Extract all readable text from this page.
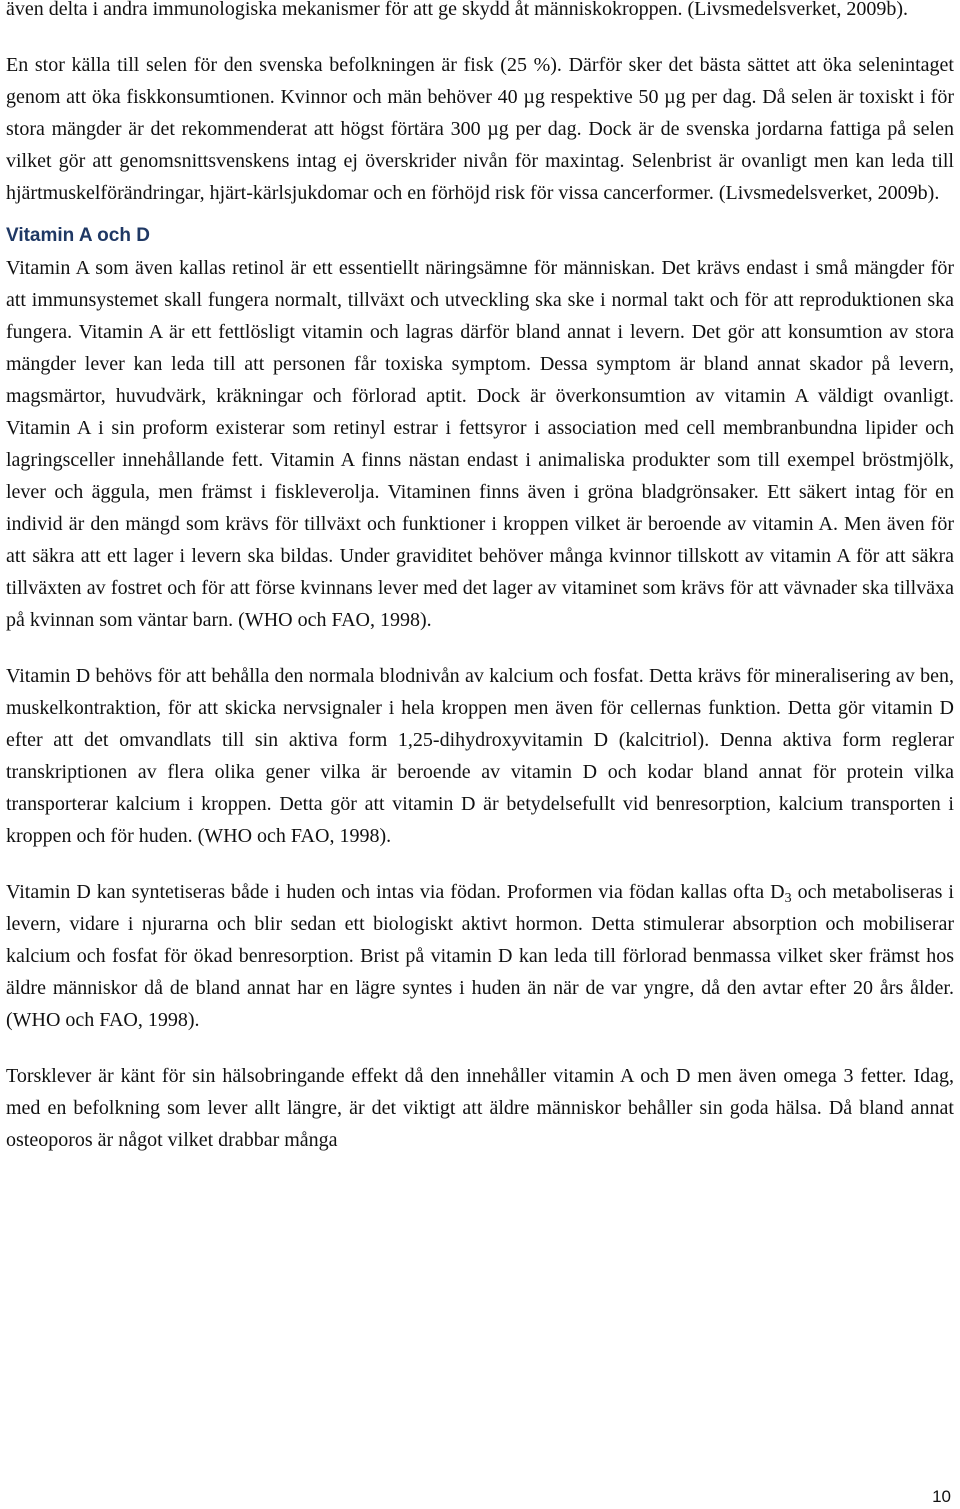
även delta i andra immunologiska mekanismer för att ge skydd åt människokroppen. (Livsmedelsverket, 2009b).

En stor källa till selen för den svenska befolkningen är fisk (25 %). Därför sker det bästa sättet att öka selenintaget genom att öka fiskkonsumtionen. Kvinnor och män behöver 40 µg respektive 50 µg per dag. Då selen är toxiskt i för stora mängder är det rekommenderat att högst förtära 300 µg per dag. Dock är de svenska jordarna fattiga på selen vilket gör att genomsnittsvenskens intag ej överskrider nivån för maxintag. Selenbrist är ovanligt men kan leda till hjärtmuskelförändringar, hjärt-kärlsjukdomar och en förhöjd risk för vissa cancerformer. (Livsmedelsverket, 2009b).

Vitamin A och D

Vitamin A som även kallas retinol är ett essentiellt näringsämne för människan. Det krävs endast i små mängder för att immunsystemet skall fungera normalt, tillväxt och utveckling ska ske i normal takt och för att reproduktionen ska fungera. Vitamin A är ett fettlösligt vitamin och lagras därför bland annat i levern. Det gör att konsumtion av stora mängder lever kan leda till att personen får toxiska symptom. Dessa symptom är bland annat skador på levern, magsmärtor, huvudvärk, kräkningar och förlorad aptit. Dock är överkonsumtion av vitamin A väldigt ovanligt. Vitamin A i sin proform existerar som retinyl estrar i fettsyror i association med cell membranbundna lipider och lagringsceller innehållande fett. Vitamin A finns nästan endast i animaliska produkter som till exempel bröstmjölk, lever och äggula, men främst i fiskleverolja. Vitaminen finns även i gröna bladgrönsaker. Ett säkert intag för en individ är den mängd som krävs för tillväxt och funktioner i kroppen vilket är beroende av vitamin A. Men även för att säkra att ett lager i levern ska bildas. Under graviditet behöver många kvinnor tillskott av vitamin A för att säkra tillväxten av fostret och för att förse kvinnans lever med det lager av vitaminet som krävs för att vävnader ska tillväxa på kvinnan som väntar barn. (WHO och FAO, 1998).

Vitamin D behövs för att behålla den normala blodnivån av kalcium och fosfat. Detta krävs för mineralisering av ben, muskelkontraktion, för att skicka nervsignaler i hela kroppen men även för cellernas funktion. Detta gör vitamin D efter att det omvandlats till sin aktiva form 1,25-dihydroxyvitamin D (kalcitriol). Denna aktiva form reglerar transkriptionen av flera olika gener vilka är beroende av vitamin D och kodar bland annat för protein vilka transporterar kalcium i kroppen. Detta gör att vitamin D är betydelsefullt vid benresorption, kalcium transporten i kroppen och för huden. (WHO och FAO, 1998).

Vitamin D kan syntetiseras både i huden och intas via födan. Proformen via födan kallas ofta $D_3$ och metaboliseras i levern, vidare i njurarna och blir sedan ett biologiskt aktivt hormon. Detta stimulerar absorption och mobiliserar kalcium och fosfat för ökad benresorption. Brist på vitamin D kan leda till förlorad benmassa vilket sker främst hos äldre människor då de bland annat har en lägre syntes i huden än när de var yngre, då den avtar efter 20 års ålder. (WHO och FAO, 1998).

Torsklever är känt för sin hälsobringande effekt då den innehåller vitamin A och D men även omega 3 fetter. Idag, med en befolkning som lever allt längre, är det viktigt att äldre människor behåller sin goda hälsa. Då bland annat osteoporos är något vilket drabbar många

10
